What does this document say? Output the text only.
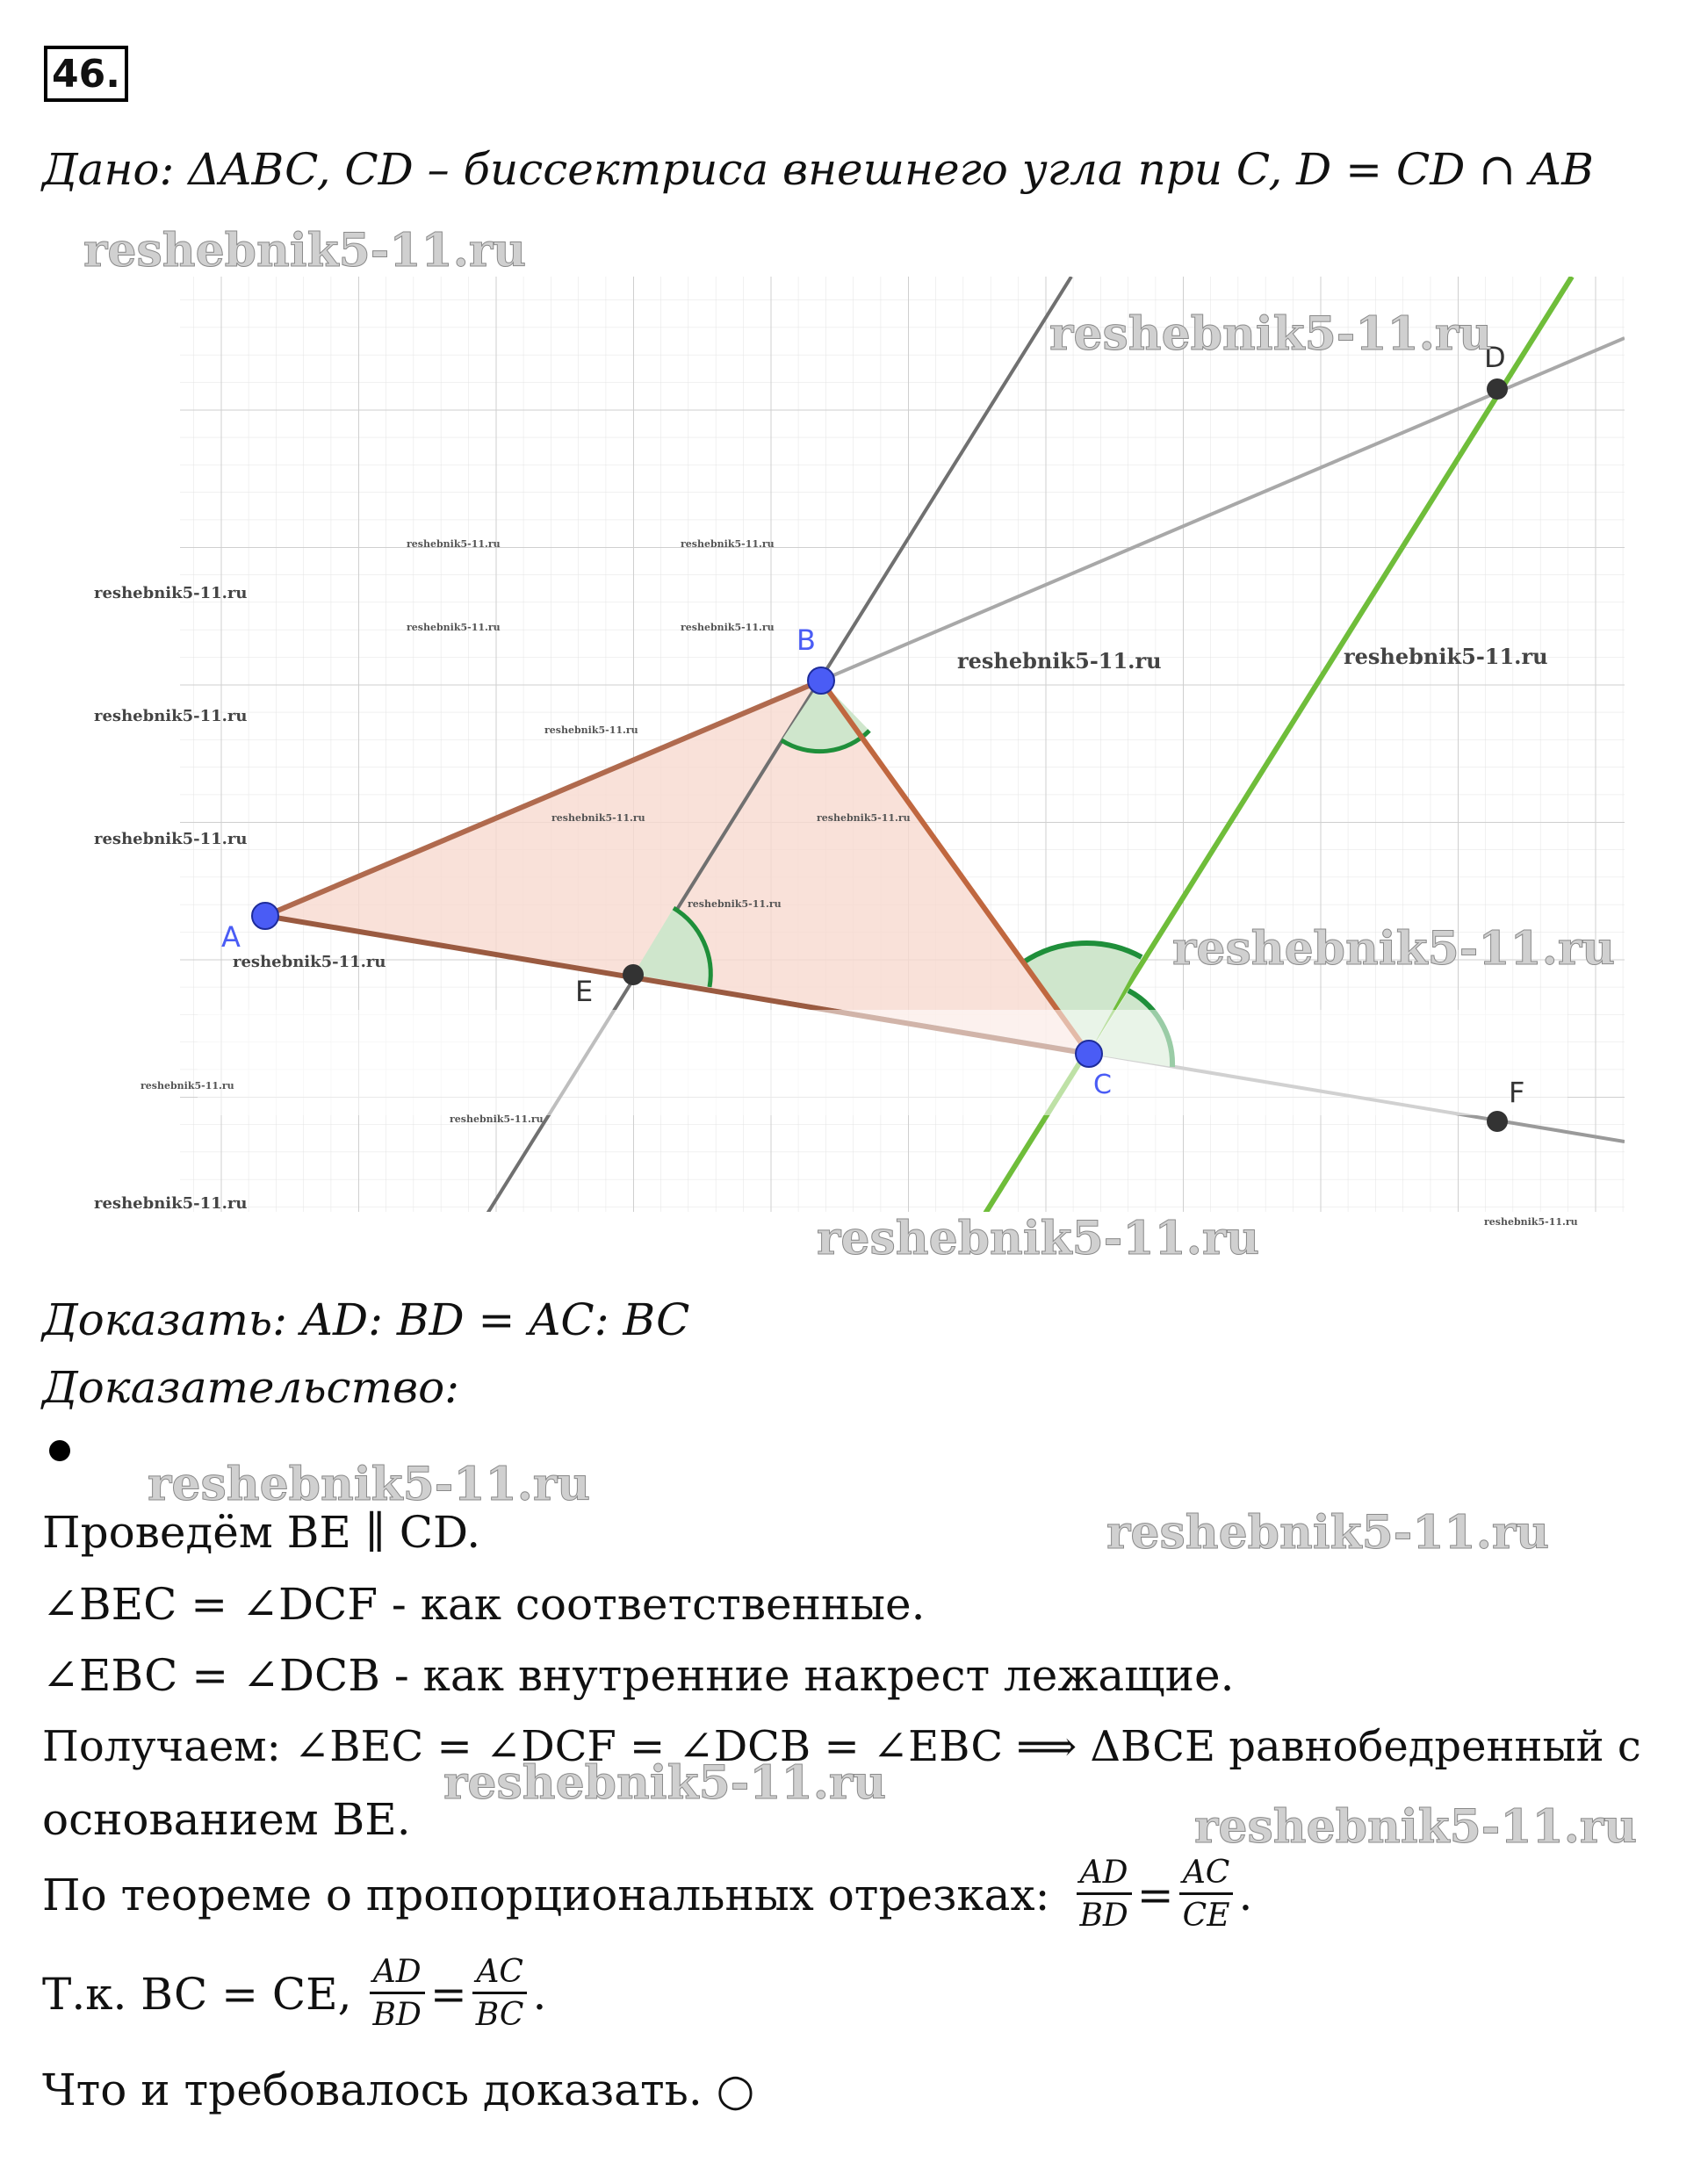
46.
Дано: ΔABC, CD – биссектриса внешнего угла при C, D = CD ∩ AB
A
B
C
D
E
F
reshebnik5-11.ru
reshebnik5-11.ru
reshebnik5-11.ru
reshebnik5-11.ru
reshebnik5-11.ru
reshebnik5-11.ru
reshebnik5-11.ru
reshebnik5-11.ru
reshebnik5-11.ru	reshebnik5-11.ru
reshebnik5-11.ru
reshebnik5-11.ru	reshebnik5-11.ru
reshebnik5-11.ru	reshebnik5-11.ru
reshebnik5-11.ru
reshebnik5-11.ru	reshebnik5-11.ru
reshebnik5-11.ru
reshebnik5-11.ru
reshebnik5-11.ru
reshebnik5-11.ru
Доказать: AD: BD = AC: BC
Доказательство:
reshebnik5-11.ru
reshebnik5-11.ru
Проведём BE ∥ CD.
∠BEC = ∠DCF - как соответственные.
∠EBC = ∠DCB - как внутренние накрест лежащие.
Получаем: ∠BEC = ∠DCF = ∠DCB = ∠EBC ⟹ ΔBCE равнобедренный с
reshebnik5-11.ru
основанием BE.	reshebnik5-11.ru
По теореме о пропорциональных отрезках: $\frac{AD}{BD} = \frac{AC}{CE}$ .
Т.к. BC = CE, $\frac{AD}{BD} = \frac{AC}{BC}$ .
Что и требовалось доказать. ○
